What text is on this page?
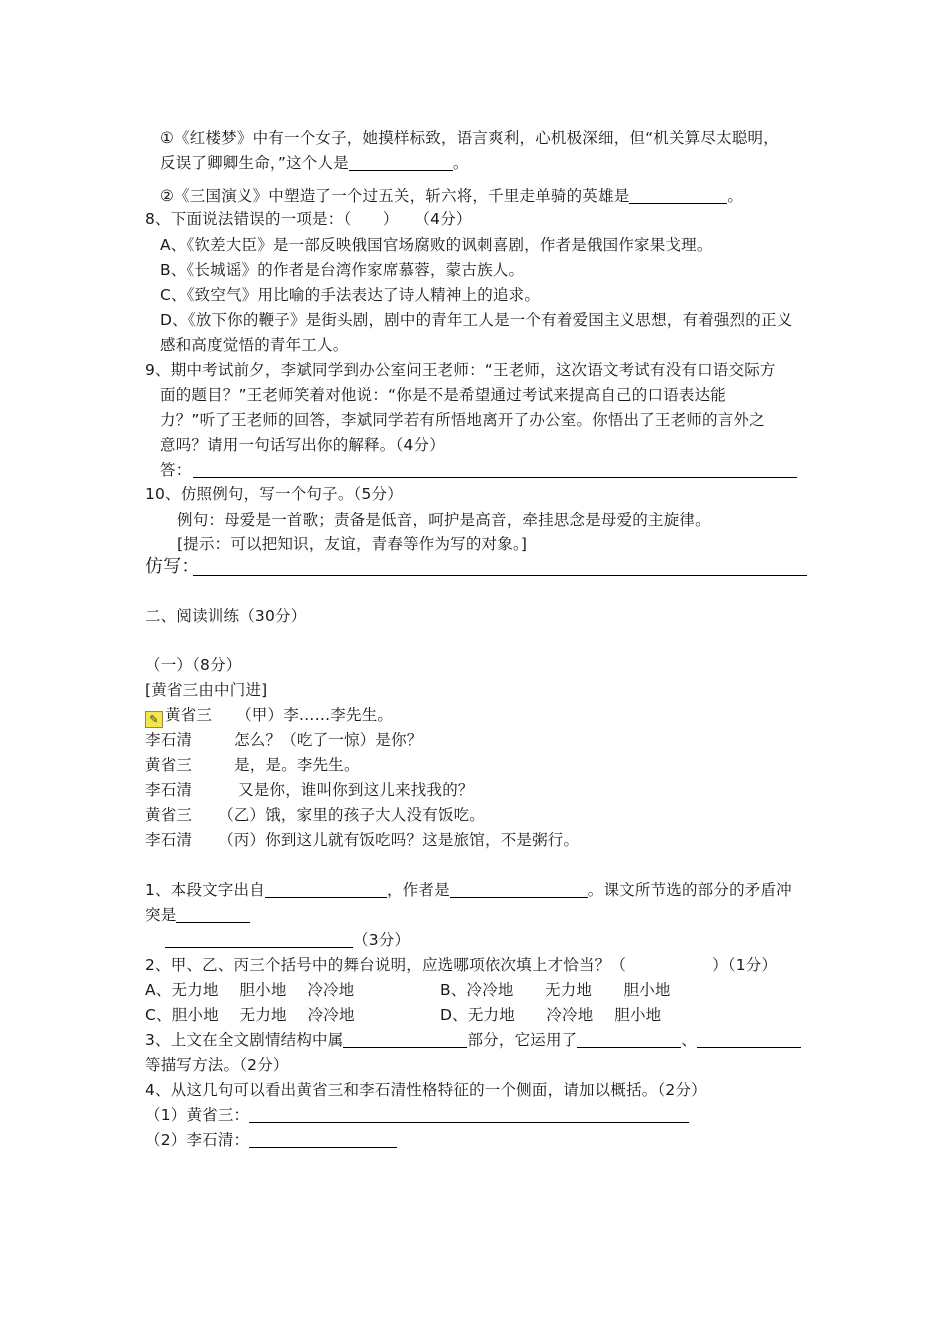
①《红楼梦》中有一个女子，她摸样标致，语言爽利，心机极深细，但“机关算尽太聪明，
反误了卿卿生命，”这个人是	。
②《三国演义》中塑造了一个过五关，斩六将，千里走单骑的英雄是	。
8、下面说法错误的一项是：（　　）　　（4分）
A、《钦差大臣》是一部反映俄国官场腐败的讽刺喜剧，作者是俄国作家果戈理。
B、《长城谣》的作者是台湾作家席慕蓉，蒙古族人。
C、《致空气》用比喻的手法表达了诗人精神上的追求。
D、《放下你的鞭子》是街头剧，剧中的青年工人是一个有着爱国主义思想，有着强烈的正义
感和高度觉悟的青年工人。
9、期中考试前夕，李斌同学到办公室问王老师：“王老师，这次语文考试有没有口语交际方
面的题目？”王老师笑着对他说：“你是不是希望通过考试来提高自己的口语表达能
力？”听了王老师的回答，李斌同学若有所悟地离开了办公室。你悟出了王老师的言外之
意吗？请用一句话写出你的解释。（4分）
答：
10、仿照例句，写一个句子。（5分）
例句：母爱是一首歌；责备是低音，呵护是高音，牵挂思念是母爱的主旋律。
[提示：可以把知识，友谊，青春等作为写的对象。]
仿写：
二、阅读训练（30分）
（一）（8分）
[黄省三由中门进]
✎ 黄省三 （甲）李……李先生。
李石清	怎么？（吃了一惊）是你？
黄省三	是，是。李先生。
李石清	又是你，谁叫你到这儿来找我的？
黄省三 （乙）饿，家里的孩子大人没有饭吃。
李石清 （丙）你到这儿就有饭吃吗？这是旅馆，不是粥行。
1、本段文字出自	，作者是	。课文所节选的部分的矛盾冲
突是
（3分）
2、甲、乙、丙三个括号中的舞台说明，应选哪项依次填上才恰当？（	）（1分）
A、无力地　 胆小地　 冷冷地	B、冷冷地　　无力地　　胆小地
C、胆小地　 无力地　 冷冷地	D、无力地　　冷冷地　 胆小地
3、上文在全文剧情结构中属	部分，它运用了	、
等描写方法。（2分）
4、从这几句可以看出黄省三和李石清性格特征的一个侧面，请加以概括。（2分）
（1）黄省三：
（2）李石清：
